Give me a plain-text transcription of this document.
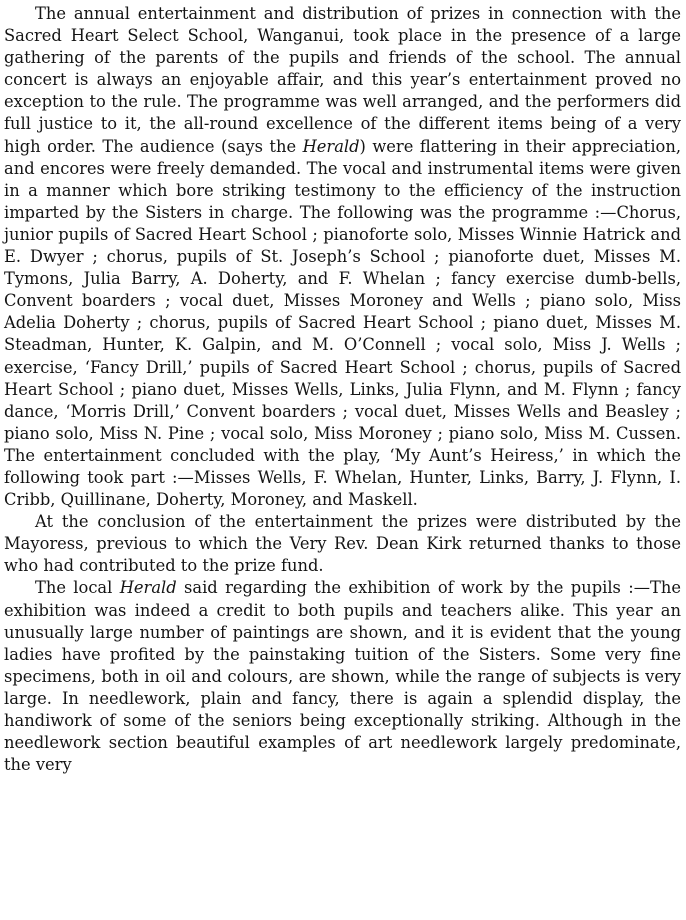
The annual entertainment and distribution of prizes in connection with the Sacred Heart Select School, Wanganui, took place in the presence of a large gathering of the parents of the pupils and friends of the school. The annual concert is always an enjoyable affair, and this year’s entertainment proved no exception to the rule. The programme was well arranged, and the performers did full justice to it, the all-round excellence of the different items being of a very high order. The audience (says the Herald) were flattering in their appreciation, and encores were freely demanded. The vocal and instrumental items were given in a manner which bore striking testimony to the efficiency of the instruction imparted by the Sisters in charge. The following was the programme :—Chorus, junior pupils of Sacred Heart School ; pianoforte solo, Misses Winnie Hatrick and E. Dwyer ; chorus, pupils of St. Joseph’s School ; pianoforte duet, Misses M. Tymons, Julia Barry, A. Doherty, and F. Whelan ; fancy exercise dumb-bells, Convent boarders ; vocal duet, Misses Moroney and Wells ; piano solo, Miss Adelia Doherty ; chorus, pupils of Sacred Heart School ; piano duet, Misses M. Steadman, Hunter, K. Galpin, and M. O’Connell ; vocal solo, Miss J. Wells ; exercise, ‘Fancy Drill,’ pupils of Sacred Heart School ; chorus, pupils of Sacred Heart School ; piano duet, Misses Wells, Links, Julia Flynn, and M. Flynn ; fancy dance, ‘Morris Drill,’ Convent boarders ; vocal duet, Misses Wells and Beasley ; piano solo, Miss N. Pine ; vocal solo, Miss Moroney ; piano solo, Miss M. Cussen. The entertainment concluded with the play, ‘My Aunt’s Heiress,’ in which the following took part :—Misses Wells, F. Whelan, Hunter, Links, Barry, J. Flynn, I. Cribb, Quillinane, Doherty, Moroney, and Maskell.

At the conclusion of the entertainment the prizes were distributed by the Mayoress, previous to which the Very Rev. Dean Kirk returned thanks to those who had contributed to the prize fund.

The local Herald said regarding the exhibition of work by the pupils :—The exhibition was indeed a credit to both pupils and teachers alike. This year an unusually large number of paintings are shown, and it is evident that the young ladies have profited by the painstaking tuition of the Sisters. Some very fine specimens, both in oil and colours, are shown, while the range of subjects is very large. In needlework, plain and fancy, there is again a splendid display, the handiwork of some of the seniors being exceptionally striking. Although in the needlework section beautiful examples of art needlework largely predominate, the very
